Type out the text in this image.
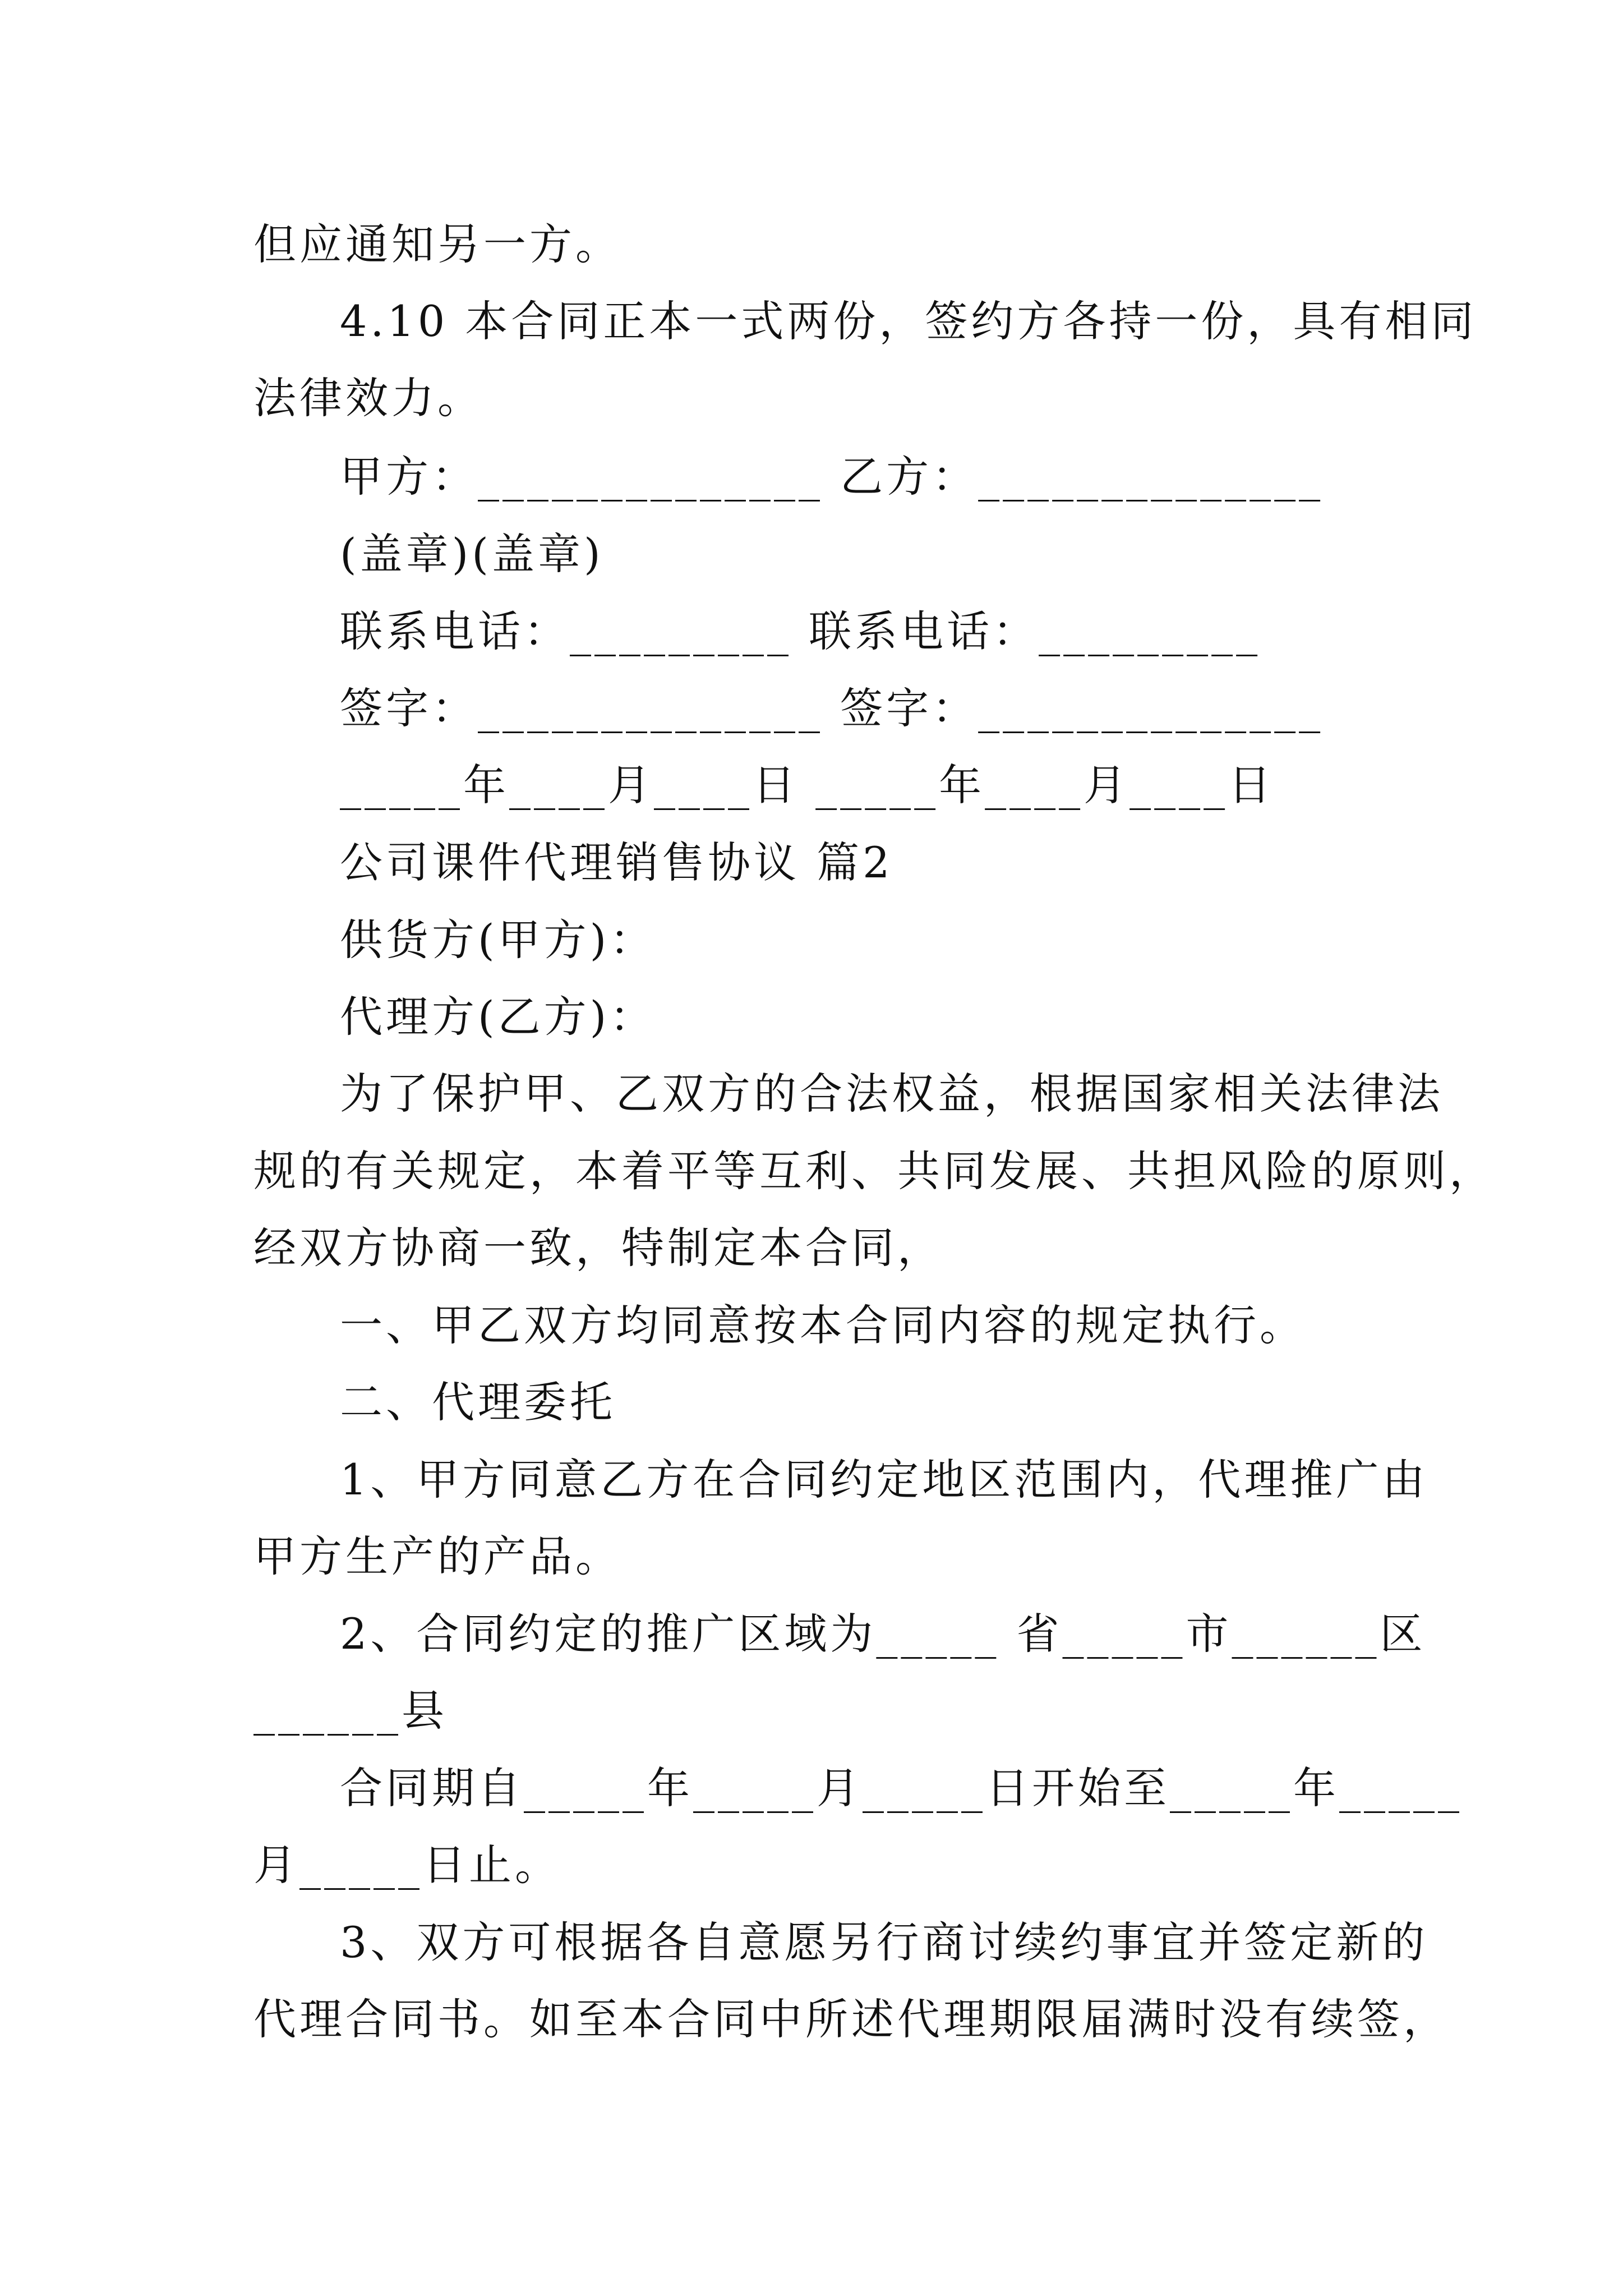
但应通知另一方。
4.10 本合同正本一式两份，签约方各持一份，具有相同
法律效力。
甲方：______________ 乙方：______________
(盖章)(盖章)
联系电话：_________ 联系电话：_________
签字：______________ 签字：______________
_____年____月____日 _____年____月____日
公司课件代理销售协议 篇2
供货方(甲方)：
代理方(乙方)：
为了保护甲、乙双方的合法权益，根据国家相关法律法
规的有关规定，本着平等互利、共同发展、共担风险的原则，
经双方协商一致，特制定本合同，
一、甲乙双方均同意按本合同内容的规定执行。
二、代理委托
1、甲方同意乙方在合同约定地区范围内，代理推广由
甲方生产的产品。
2、合同约定的推广区域为_____ 省_____市______区
______县
合同期自_____年_____月_____日开始至_____年_____
月_____日止。
3、双方可根据各自意愿另行商讨续约事宜并签定新的
代理合同书。如至本合同中所述代理期限届满时没有续签，
